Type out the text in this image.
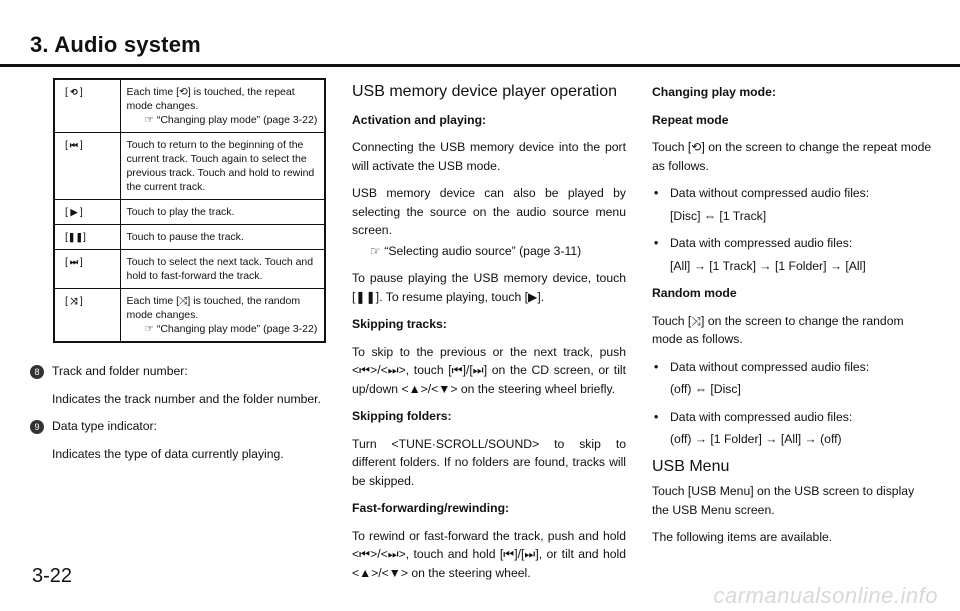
3. Audio system
[ ⟲ ]	Each time [⟲] is touched, the repeat mode changes.
☞ “Changing play mode” (page 3-22)

[ ⏮ ]	Touch to return to the beginning of the current track. Touch again to select the previous track. Touch and hold to rewind the current track.
[ ▶ ]	Touch to play the track.
[❚❚]	Touch to pause the track.
[ ⏭ ]	Touch to select the next tack. Touch and hold to fast-forward the track.
[ ⤨ ]	Each time [⤨] is touched, the random mode changes.
☞ “Changing play mode” (page 3-22)

8 Track and folder number:

Indicates the track number and the folder number.

9 Data type indicator:

Indicates the type of data currently playing.

USB memory device player operation

Activation and playing:

Connecting the USB memory device into the port will activate the USB mode.

USB memory device can also be played by selecting the source on the audio source menu screen.

☞ “Selecting audio source” (page 3-11)

To pause playing the USB memory device, touch [❚❚]. To resume playing, touch [▶].

Skipping tracks:

To skip to the previous or the next track, push <⏮>/<⏭>, touch [⏮]/[⏭] on the CD screen, or tilt up/down <▲>/<▼> on the steering wheel briefly.

Skipping folders:

Turn <TUNE·SCROLL/SOUND> to skip to different folders. If no folders are found, tracks will be skipped.

Fast-forwarding/rewinding:

To rewind or fast-forward the track, push and hold <⏮>/<⏭>, touch and hold [⏮]/[⏭], or tilt and hold <▲>/<▼> on the steering wheel.

Changing play mode:

Repeat mode

Touch [⟲] on the screen to change the repeat mode as follows.

• Data without compressed audio files:

[Disc] ⇔ [1 Track]

• Data with compressed audio files:

[All] → [1 Track] → [1 Folder] → [All]

Random mode

Touch [⤨] on the screen to change the random mode as follows.

• Data without compressed audio files:

(off) ⇔ [Disc]

• Data with compressed audio files:

(off) → [1 Folder] → [All] → (off)

USB Menu

Touch [USB Menu] on the USB screen to display the USB Menu screen.

The following items are available.

3-22
carmanualsonline.info
